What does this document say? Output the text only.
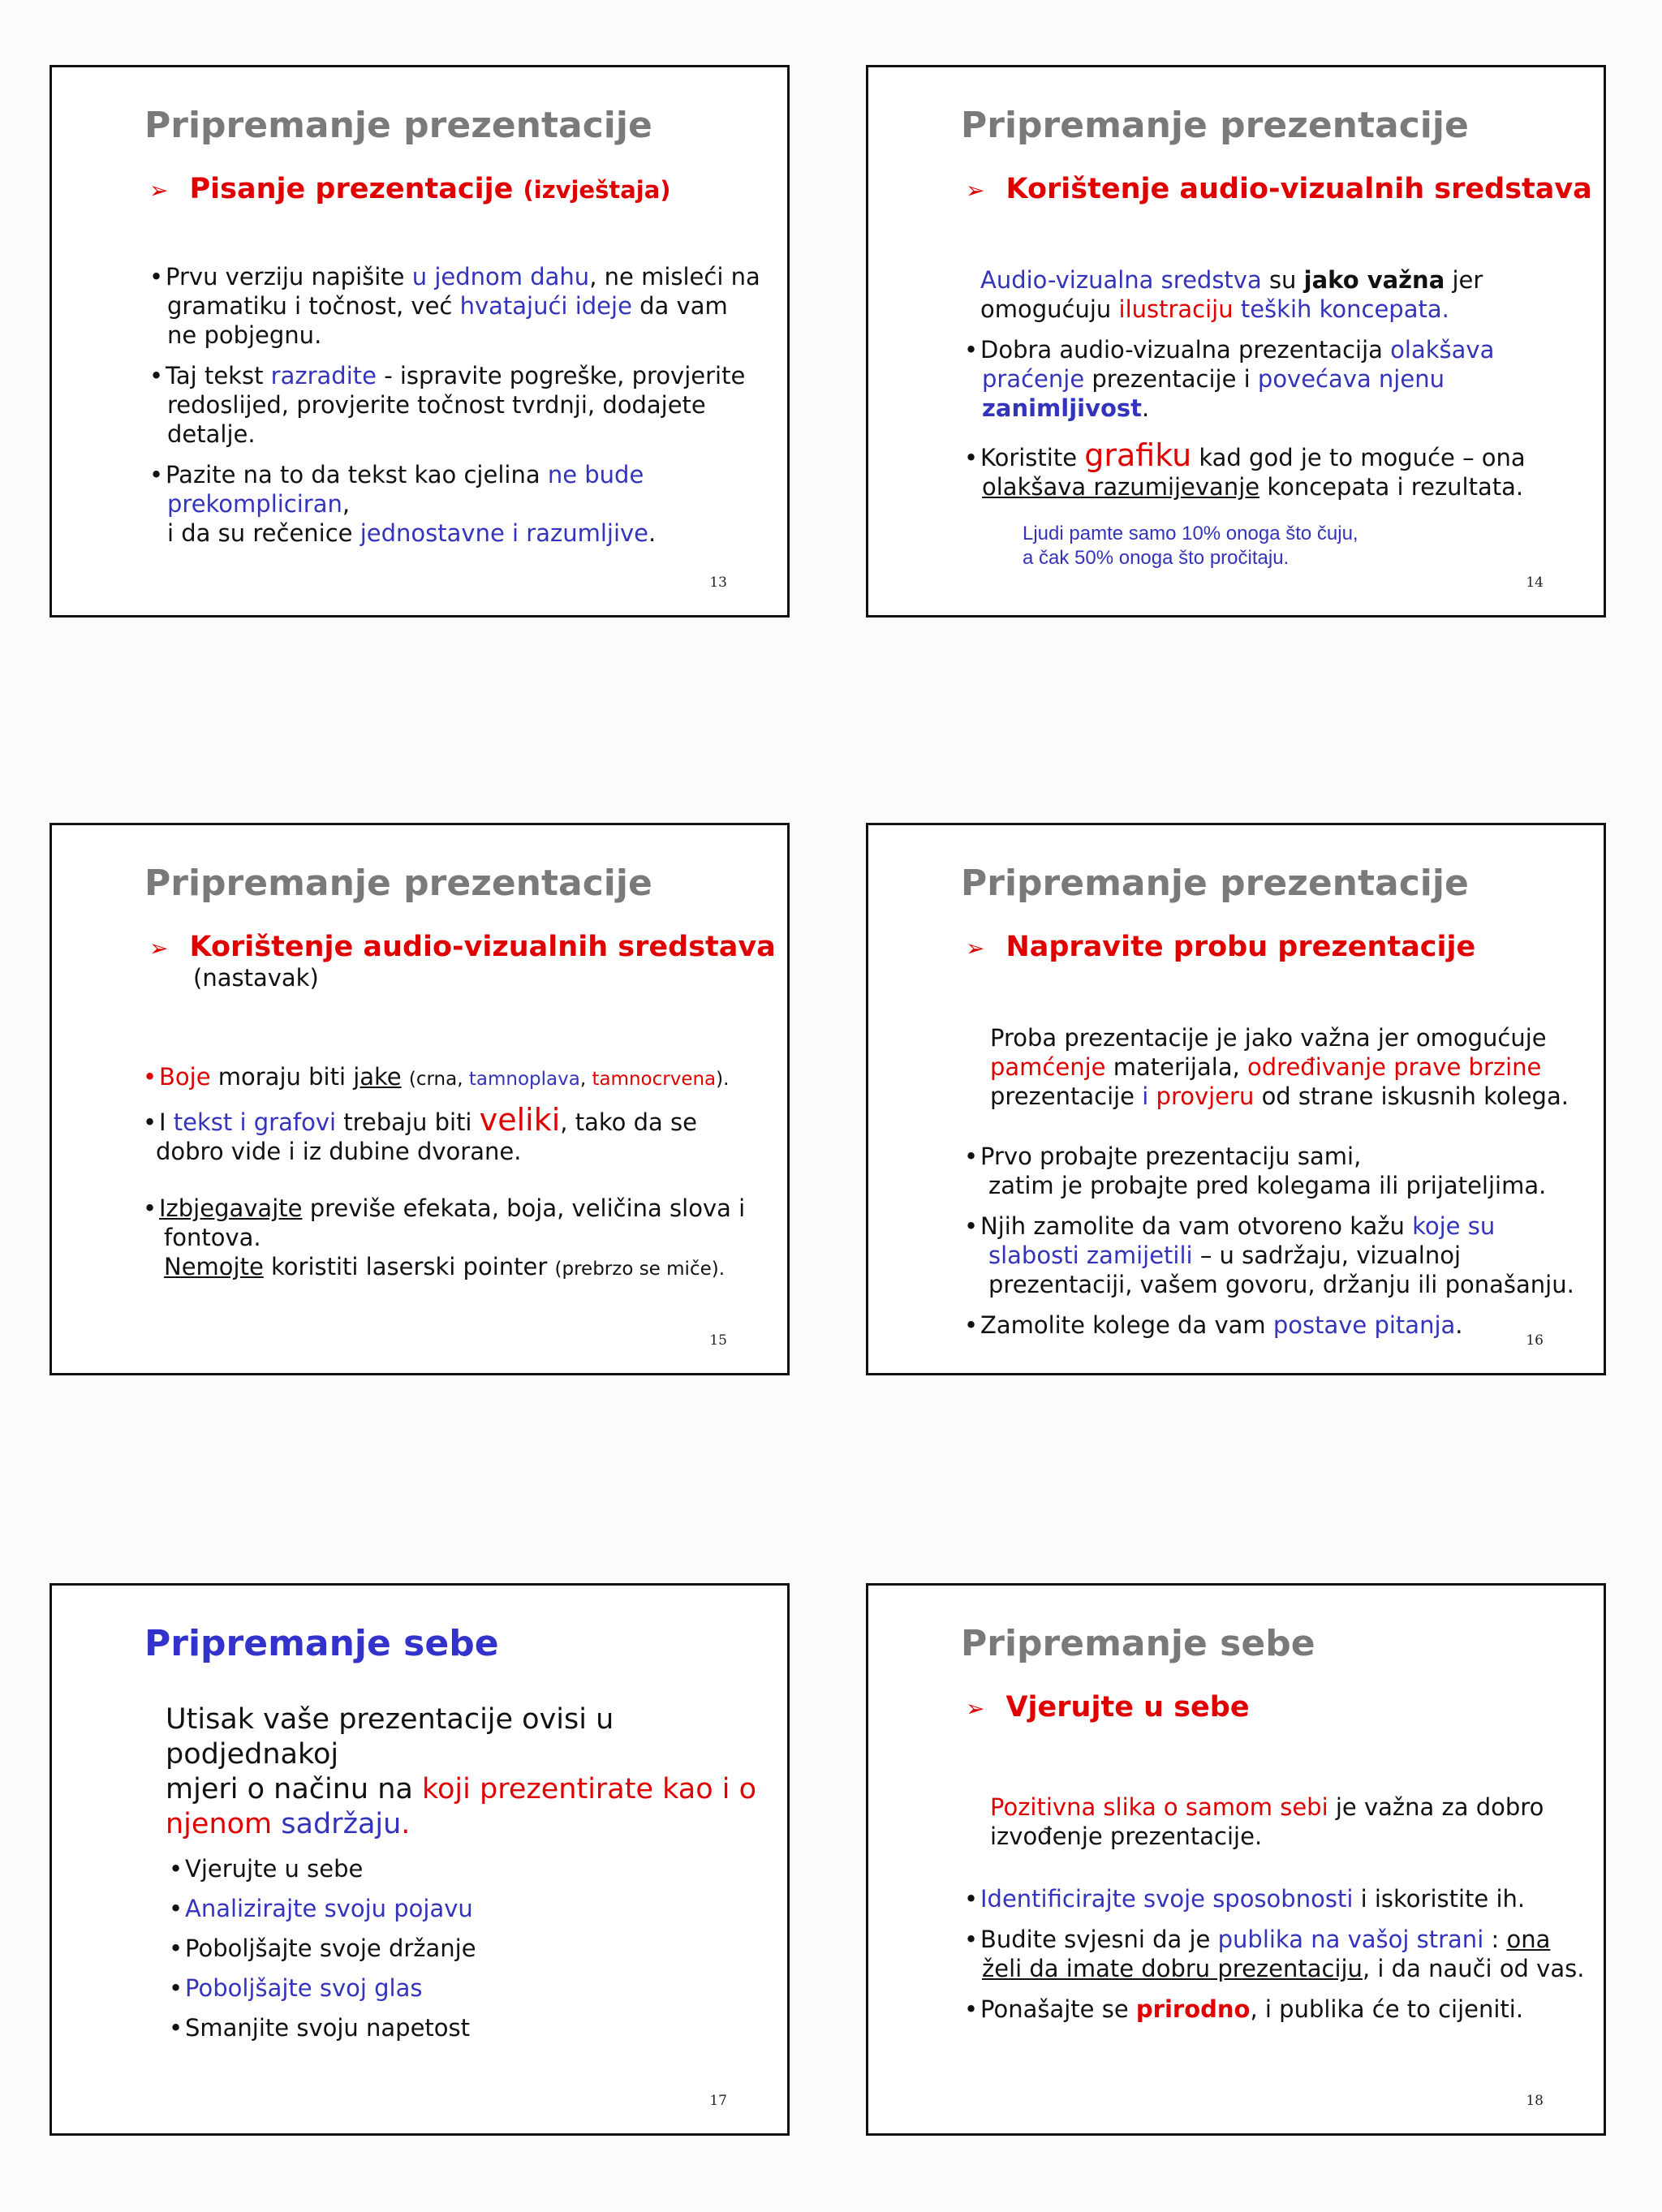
Pripremanje prezentacije
➢ Pisanje prezentacije (izvještaja)
•Prvu verziju napišite u jednom dahu, ne misleći na
gramatiku i točnost, već hvatajući ideje da vam
ne pobjegnu.
•Taj tekst razradite - ispravite pogreške, provjerite
redoslijed, provjerite točnost tvrdnji, dodajete
detalje.
•Pazite na to da tekst kao cjelina ne bude
prekompliciran,
i da su rečenice jednostavne i razumljive.
13
Pripremanje prezentacije
➢ Korištenje audio-vizualnih sredstava
Audio-vizualna sredstva su jako važna jer
omogućuju ilustraciju teških koncepata.
•Dobra audio-vizualna prezentacija olakšava
praćenje prezentacije i povećava njenu
zanimljivost.
•Koristite grafiku kad god je to moguće – ona
olakšava razumijevanje koncepata i rezultata.
Ljudi pamte samo 10% onoga što čuju,
a čak 50% onoga što pročitaju.
14
Pripremanje prezentacije
➢ Korištenje audio-vizualnih sredstava
(nastavak)
•Boje moraju biti jake (crna, tamnoplava, tamnocrvena).
•I tekst i grafovi trebaju biti veliki, tako da se
dobro vide i iz dubine dvorane.
•Izbjegavajte previše efekata, boja, veličina slova i
fontova.
Nemojte koristiti laserski pointer (prebrzo se miče).
15
Pripremanje prezentacije
➢ Napravite probu prezentacije
Proba prezentacije je jako važna jer omogućuje
pamćenje materijala, određivanje prave brzine
prezentacije i provjeru od strane iskusnih kolega.
•Prvo probajte prezentaciju sami,
zatim je probajte pred kolegama ili prijateljima.
•Njih zamolite da vam otvoreno kažu koje su
slabosti zamijetili – u sadržaju, vizualnoj
prezentaciji, vašem govoru, držanju ili ponašanju.
•Zamolite kolege da vam postave pitanja.
16
Pripremanje sebe
Utisak vaše prezentacije ovisi u podjednakoj
mjeri o načinu na koji prezentirate kao i o
njenom sadržaju.
•Vjerujte u sebe
•Analizirajte svoju pojavu
•Poboljšajte svoje držanje
•Poboljšajte svoj glas
•Smanjite svoju napetost
17
Pripremanje sebe
➢ Vjerujte u sebe
Pozitivna slika o samom sebi je važna za dobro
izvođenje prezentacije.
•Identificirajte svoje sposobnosti i iskoristite ih.
•Budite svjesni da je publika na vašoj strani : ona
želi da imate dobru prezentaciju, i da nauči od vas.
•Ponašajte se prirodno, i publika će to cijeniti.
18
